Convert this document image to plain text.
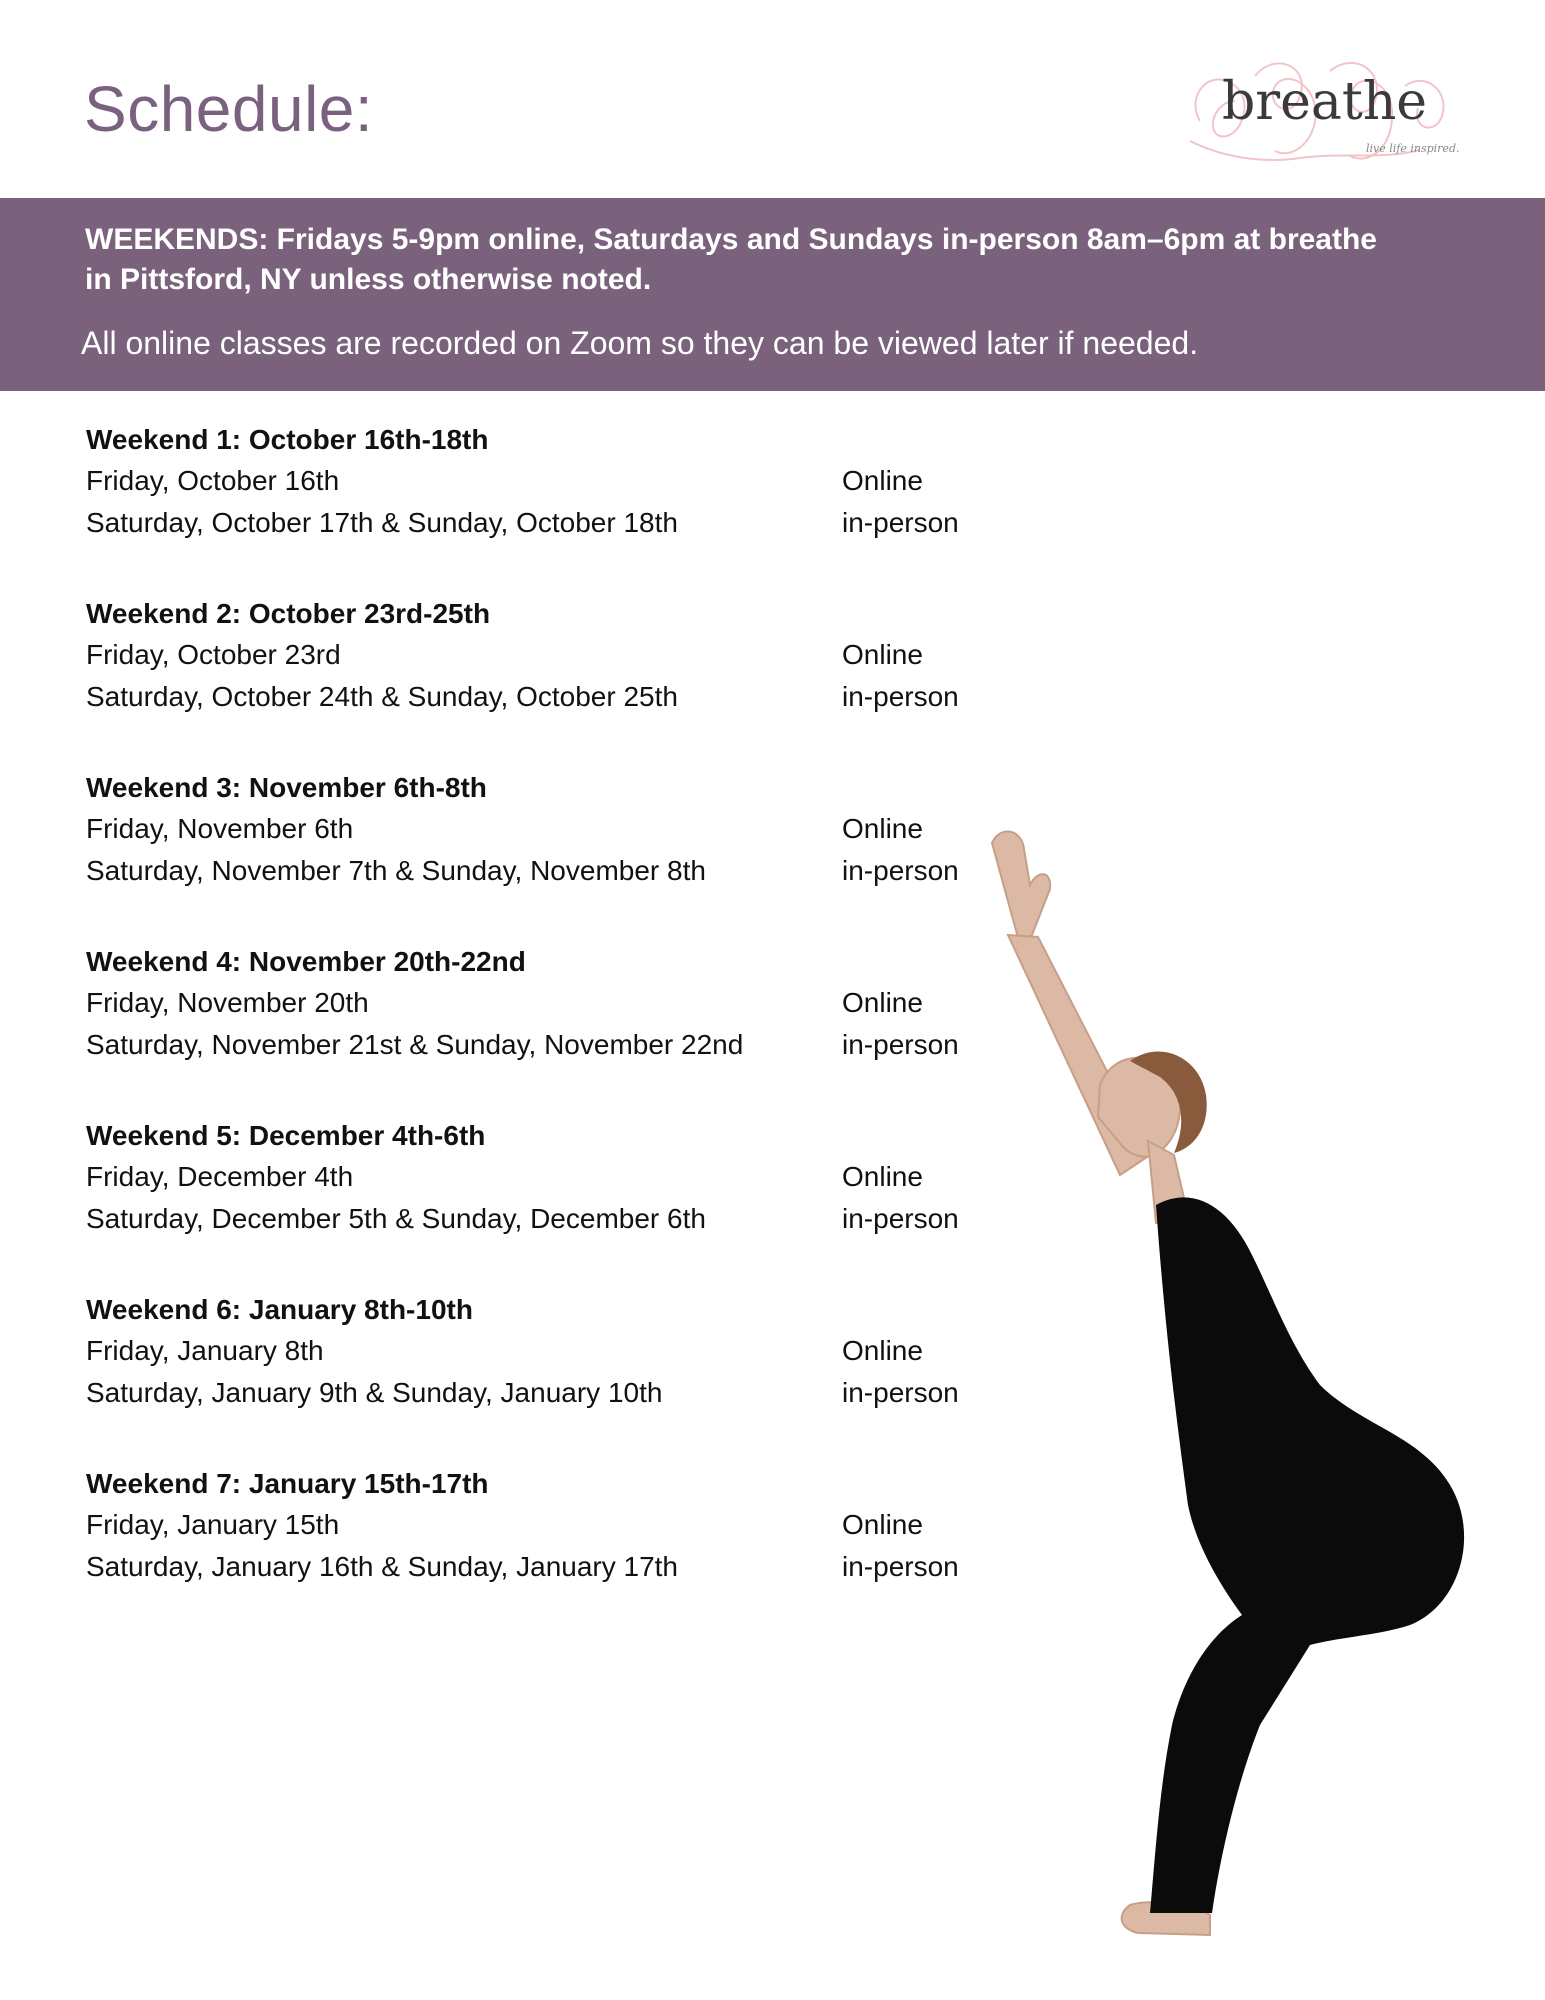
Schedule:	breathe
live life inspired.
WEEKENDS: Fridays 5-9pm online, Saturdays and Sundays in-person 8am–6pm at breathe in Pittsford, NY unless otherwise noted.
All online classes are recorded on Zoom so they can be viewed later if needed.
Weekend 1: October 16th-18th
Friday, October 16th	Online
Saturday, October 17th & Sunday, October 18th	in-person
Weekend 2: October 23rd-25th
Friday, October 23rd	Online
Saturday, October 24th & Sunday, October 25th	in-person
Weekend 3: November 6th-8th
Friday, November 6th	Online
Saturday, November 7th & Sunday, November 8th	in-person
Weekend 4: November 20th-22nd
Friday, November 20th	Online
Saturday, November 21st & Sunday, November 22nd	in-person
Weekend 5: December 4th-6th
Friday, December 4th	Online
Saturday, December 5th & Sunday, December 6th	in-person
Weekend 6: January 8th-10th
Friday, January 8th	Online
Saturday, January 9th & Sunday, January 10th	in-person
Weekend 7: January 15th-17th
Friday, January 15th	Online
Saturday, January 16th & Sunday, January 17th	in-person
